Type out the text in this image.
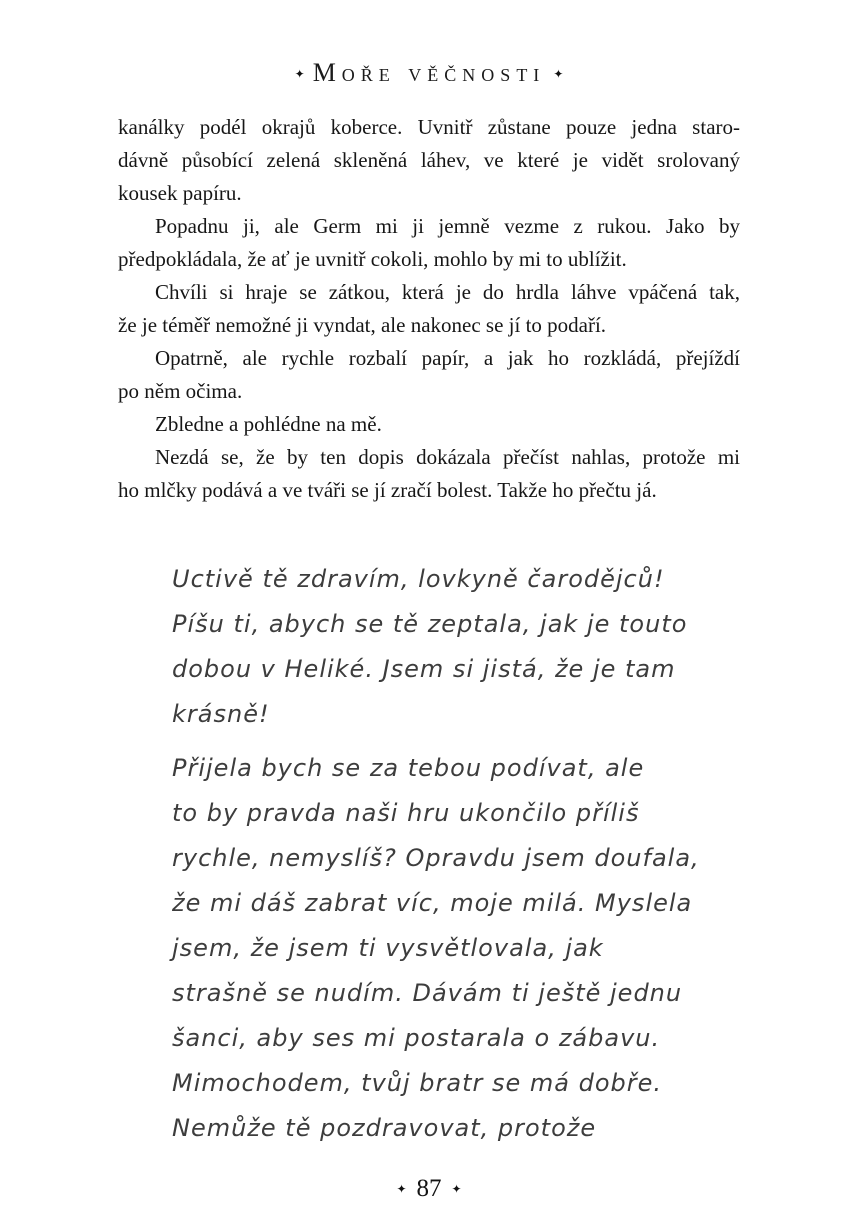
✦ Moře věčnosti ✦

kanálky podél okrajů koberce. Uvnitř zůstane pouze jedna staro-
dávně působící zelená skleněná láhev, ve které je vidět srolovaný
kousek papíru.

Popadnu ji, ale Germ mi ji jemně vezme z rukou. Jako by
předpokládala, že ať je uvnitř cokoli, mohlo by mi to ublížit.

Chvíli si hraje se zátkou, která je do hrdla láhve vpáčená tak,
že je téměř nemožné ji vyndat, ale nakonec se jí to podaří.

Opatrně, ale rychle rozbalí papír, a jak ho rozkládá, přejíždí
po něm očima.

Zbledne a pohlédne na mě.

Nezdá se, že by ten dopis dokázala přečíst nahlas, protože mi
ho mlčky podává a ve tváři se jí zračí bolest. Takže ho přečtu já.

Uctivě tě zdravím, lovkyně čarodějců!
Píšu ti, abych se tě zeptala, jak je touto
dobou v Heliké. Jsem si jistá, že je tam
krásně!
Přijela bych se za tebou podívat, ale
to by pravda naši hru ukončilo příliš
rychle, nemyslíš? Opravdu jsem doufala,
že mi dáš zabrat víc, moje milá. Myslela
jsem, že jsem ti vysvětlovala, jak
strašně se nudím. Dávám ti ještě jednu
šanci, aby ses mi postarala o zábavu.
Mimochodem, tvůj bratr se má dobře.
Nemůže tě pozdravovat, protože
✦ 87 ✦
